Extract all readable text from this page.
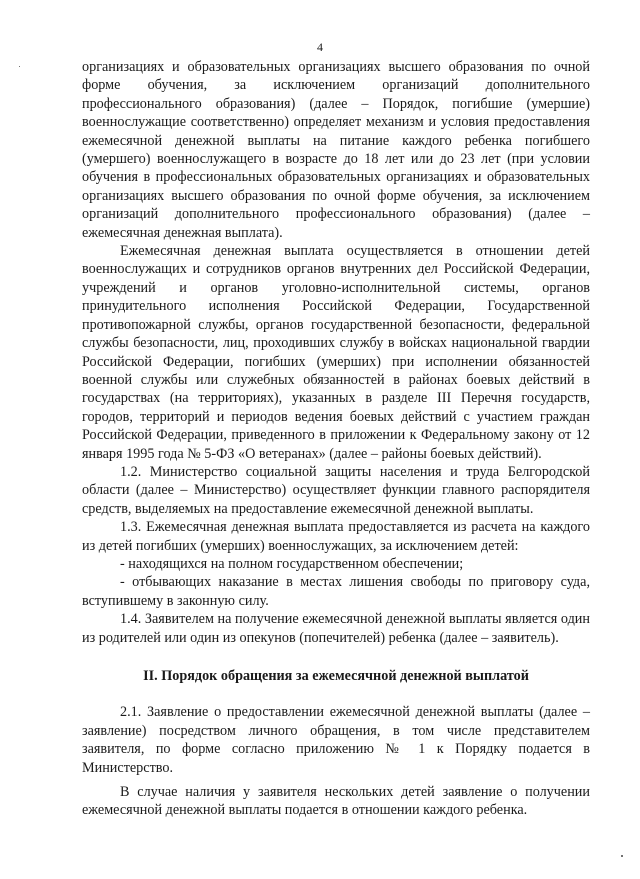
4

организациях и образовательных организациях высшего образования по очной форме обучения, за исключением организаций дополнительного профессионального образования) (далее – Порядок, погибшие (умершие) военнослужащие соответственно) определяет механизм и условия предоставления ежемесячной денежной выплаты на питание каждого ребенка погибшего (умершего) военнослужащего в возрасте до 18 лет или до 23 лет (при условии обучения в профессиональных образовательных организациях и образовательных организациях высшего образования по очной форме обучения, за исключением организаций дополнительного профессионального образования) (далее – ежемесячная денежная выплата).

Ежемесячная денежная выплата осуществляется в отношении детей военнослужащих и сотрудников органов внутренних дел Российской Федерации, учреждений и органов уголовно-исполнительной системы, органов принудительного исполнения Российской Федерации, Государственной противопожарной службы, органов государственной безопасности, федеральной службы безопасности, лиц, проходивших службу в войсках национальной гвардии Российской Федерации, погибших (умерших) при исполнении обязанностей военной службы или служебных обязанностей в районах боевых действий в государствах (на территориях), указанных в разделе III Перечня государств, городов, территорий и периодов ведения боевых действий с участием граждан Российской Федерации, приведенного в приложении к Федеральному закону от 12 января 1995 года № 5-ФЗ «О ветеранах» (далее – районы боевых действий).

1.2. Министерство социальной защиты населения и труда Белгородской области (далее – Министерство) осуществляет функции главного распорядителя средств, выделяемых на предоставление ежемесячной денежной выплаты.

1.3. Ежемесячная денежная выплата предоставляется из расчета на каждого из детей погибших (умерших) военнослужащих, за исключением детей:

- находящихся на полном государственном обеспечении;

- отбывающих наказание в местах лишения свободы по приговору суда, вступившему в законную силу.

1.4. Заявителем на получение ежемесячной денежной выплаты является один из родителей или один из опекунов (попечителей) ребенка (далее – заявитель).

II. Порядок обращения за ежемесячной денежной выплатой

2.1. Заявление о предоставлении ежемесячной денежной выплаты (далее – заявление) посредством личного обращения, в том числе представителем заявителя, по форме согласно приложению № 1 к Порядку подается в Министерство.

В случае наличия у заявителя нескольких детей заявление о получении ежемесячной денежной выплаты подается в отношении каждого ребенка.
